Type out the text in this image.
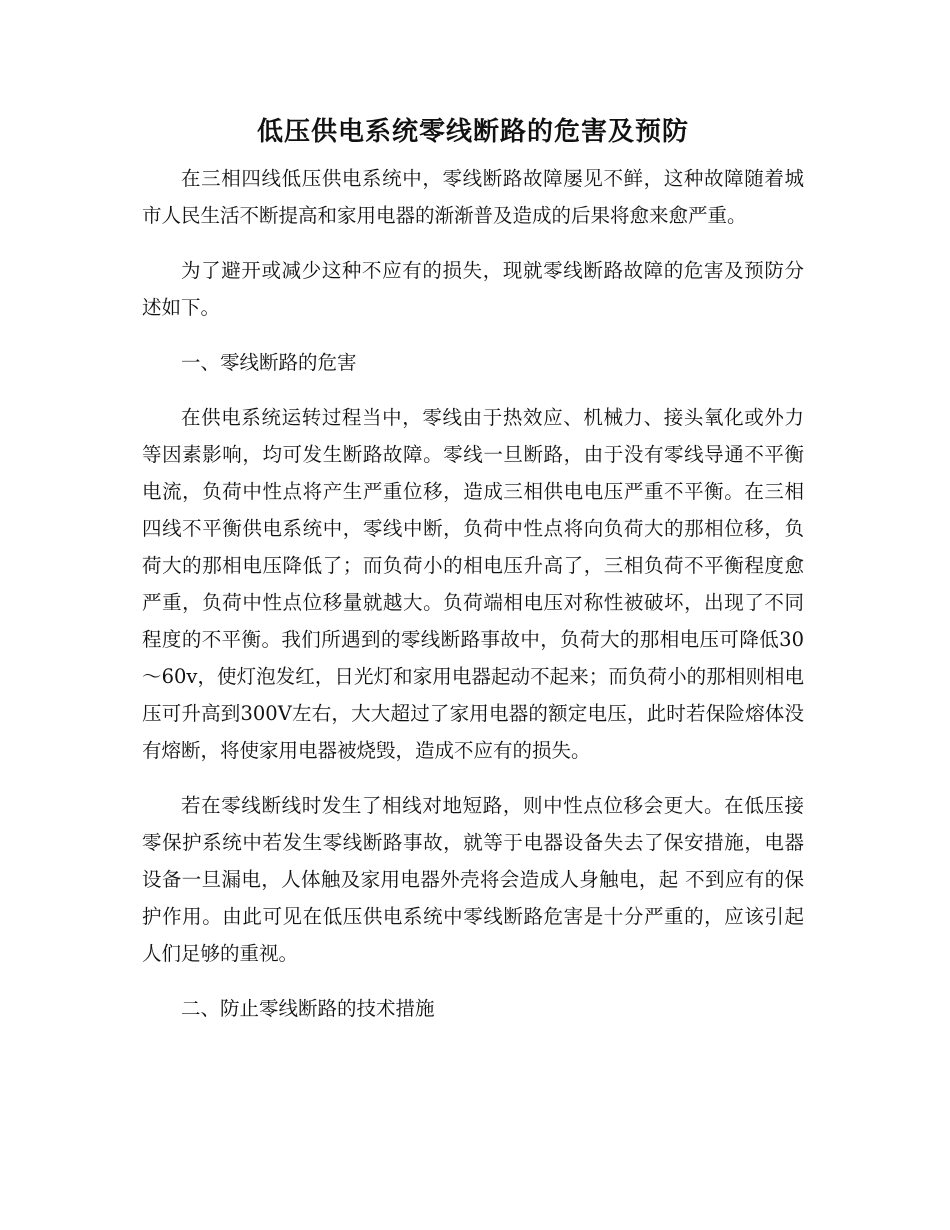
低压供电系统零线断路的危害及预防

在三相四线低压供电系统中，零线断路故障屡见不鲜，这种故障随着城市人民生活不断提高和家用电器的渐渐普及造成的后果将愈来愈严重。

为了避开或减少这种不应有的损失，现就零线断路故障的危害及预防分述如下。

一、零线断路的危害

在供电系统运转过程当中，零线由于热效应、机械力、接头氧化或外力等因素影响，均可发生断路故障。零线一旦断路，由于没有零线导通不平衡电流，负荷中性点将产生严重位移，造成三相供电电压严重不平衡。在三相四线不平衡供电系统中，零线中断，负荷中性点将向负荷大的那相位移，负荷大的那相电压降低了；而负荷小的相电压升高了，三相负荷不平衡程度愈严重，负荷中性点位移量就越大。负荷端相电压对称性被破坏，出现了不同程度的不平衡。我们所遇到的零线断路事故中，负荷大的那相电压可降低30～60v，使灯泡发红，日光灯和家用电器起动不起来；而负荷小的那相则相电压可升高到300V左右，大大超过了家用电器的额定电压，此时若保险熔体没有熔断，将使家用电器被烧毁，造成不应有的损失。

若在零线断线时发生了相线对地短路，则中性点位移会更大。在低压接零保护系统中若发生零线断路事故，就等于电器设备失去了保安措施，电器设备一旦漏电，人体触及家用电器外壳将会造成人身触电，起 不到应有的保护作用。由此可见在低压供电系统中零线断路危害是十分严重的，应该引起人们足够的重视。

二、防止零线断路的技术措施
